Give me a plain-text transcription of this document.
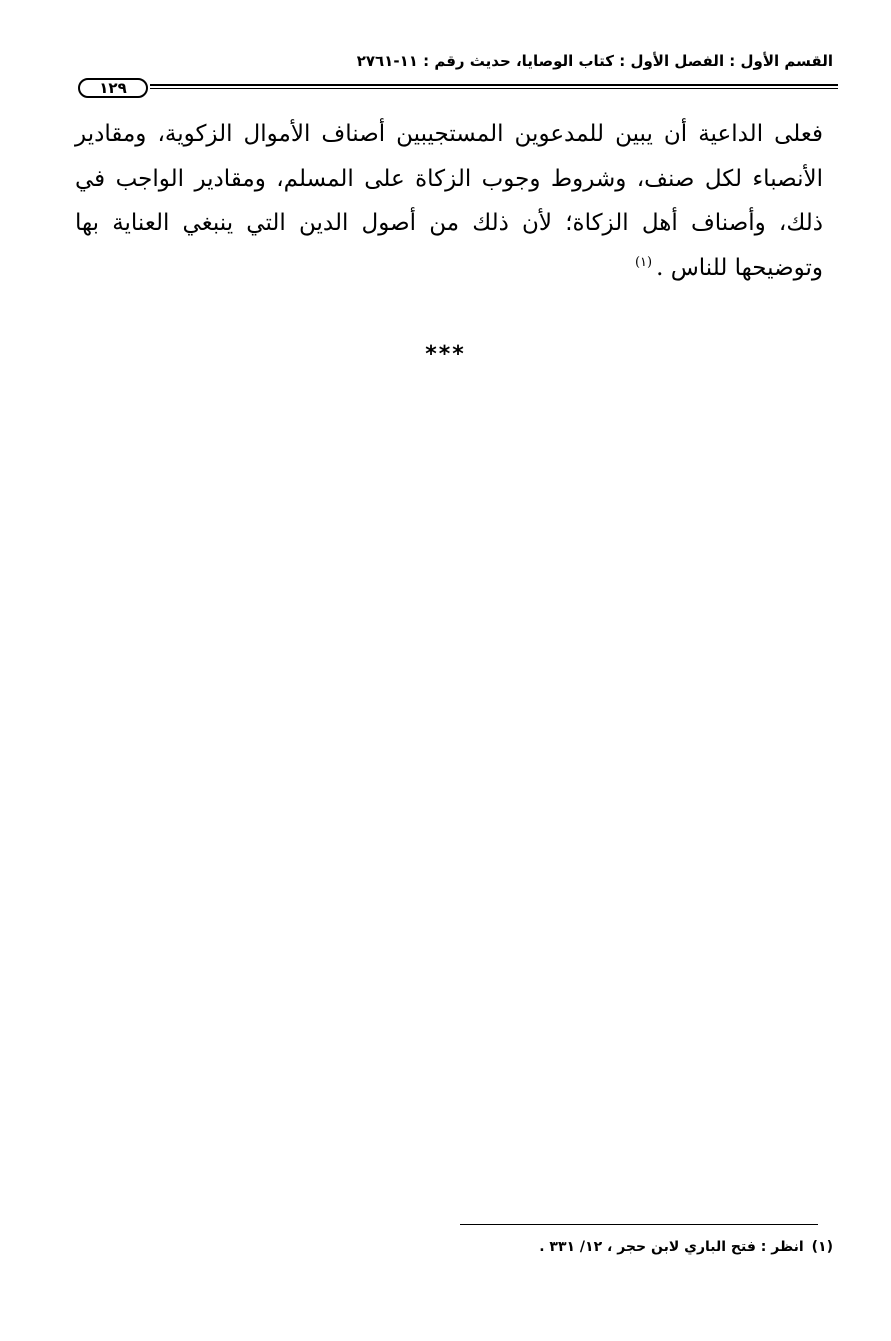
القسم الأول : الفصل الأول : كتاب الوصايا، حديث رقم : ١١-٢٧٦١
١٢٩
فعلى الداعية أن يبين للمدعوين المستجيبين أصناف الأموال الزكوية، ومقادير الأنصباء لكل صنف، وشروط وجوب الزكاة على المسلم، ومقادير الواجب في ذلك، وأصناف أهل الزكاة؛ لأن ذلك من أصول الدين التي ينبغي العناية بها وتوضيحها للناس .$^{(١)}$
***
(١)انظر : فتح الباري لابن حجر ، ١٢/ ٣٣١ .
